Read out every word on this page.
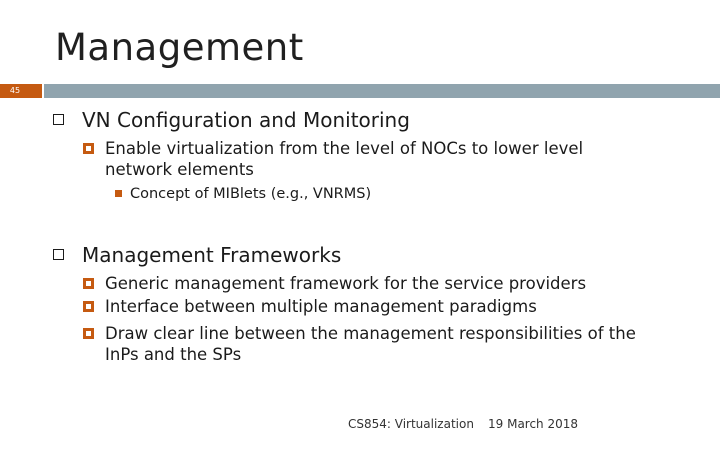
Management
45
VN Configuration and Monitoring
Enable virtualization from the level of NOCs to lower level
network elements
Concept of MIBlets (e.g., VNRMS)
Management Frameworks
Generic management framework for the service providers
Interface between multiple management paradigms
Draw clear line between the management responsibilities of the
InPs and the SPs
CS854: Virtualization 19 March 2018
